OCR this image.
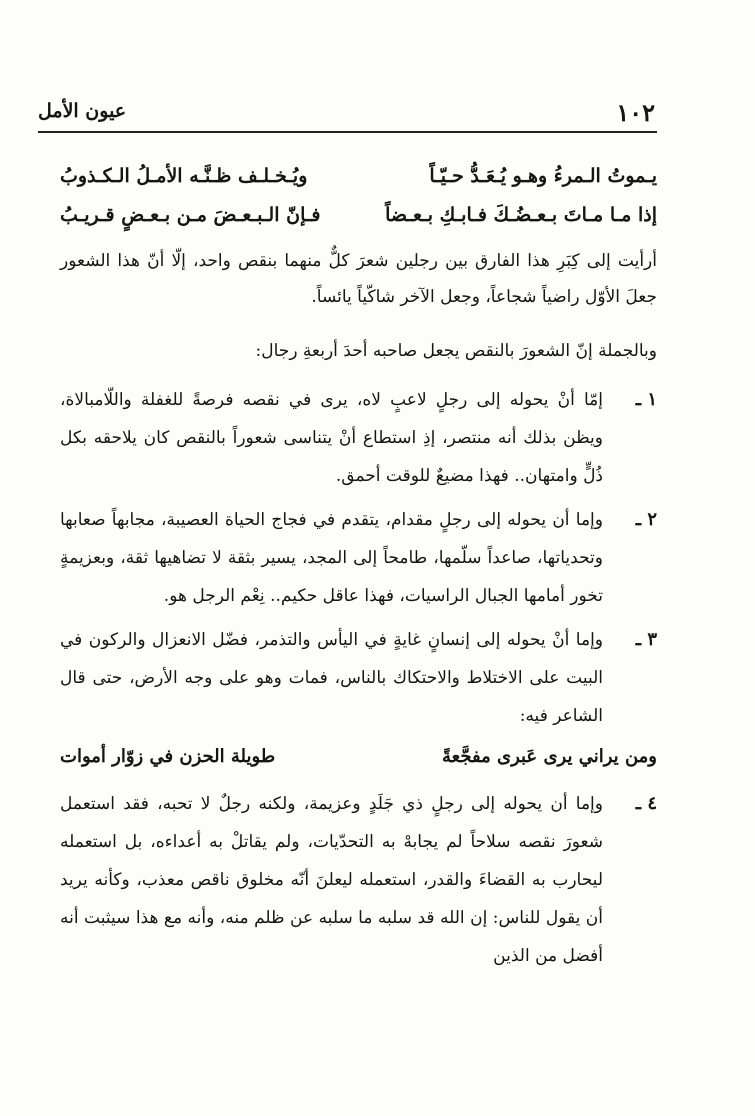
١٠٢
عيون الأمل
يـموتُ الـمرءُ وهـو يُـعَـدُّ حـيّـاً
ويُـخـلـف ظـنَّـه الأمـلُ الـكـذوبُ
إذا مـا مـاتَ بـعـضُـكَ فـابـكِ بـعـضاً
فـإنّ الـبـعـضَ مـن بـعـضٍ قـريـبُ

أرأيت إلى كِبَرِ هذا الفارق بين رجلين شعرَ كلٌّ منهما بنقص واحد، إلّا أنّ هذا الشعور جعلَ الأوّل راضياً شجاعاً، وجعل الآخر شاكّياً يائساً.

وبالجملة إنّ الشعورَ بالنقص يجعل صاحبه أحدَ أربعةِ رجال:

١ ـ
إمّا أنْ يحوله إلى رجلٍ لاعبٍ لاه، يرى في نقصه فرصةً للغفلة واللّامبالاة، ويظن بذلك أنه منتصر، إذِ استطاع أنْ يتناسى شعوراً بالنقص كان يلاحقه بكل ذُلٍّ وامتهان.. فهذا مضيعٌ للوقت أحمق.
٢ ـ
وإما أن يحوله إلى رجلٍ مقدام، يتقدم في فجاج الحياة العصيبة، مجابهاً صعابها وتحدياتها، صاعداً سلّمها، طامحاً إلى المجد، يسير بثقة لا تضاهيها ثقة، وبعزيمةٍ تخور أمامها الجبال الراسيات، فهذا عاقل حكيم.. نِعْم الرجل هو.
٣ ـ
وإما أنْ يحوله إلى إنسانٍ غايةٍ في اليأس والتذمر، فضّل الانعزال والركون في البيت على الاختلاط والاحتكاك بالناس، فمات وهو على وجه الأرض، حتى قال الشاعر فيه:
ومن يراني يرى عَبرى مفجَّعةً
طويلة الحزن في زوّار أموات
٤ ـ
وإما أن يحوله إلى رجلٍ ذي جَلَدٍ وعزيمة، ولكنه رجلٌ لا تحبه، فقد استعمل شعورَ نقصه سلاحاً لم يجابهْ به التحدّيات، ولم يقاتلْ به أعداءه، بل استعمله ليحارب به القضاءَ والقدر، استعمله ليعلنَ أنّه مخلوق ناقص معذب، وكأنه يريد أن يقول للناس: إن الله قد سلبه ما سلبه عن ظلم منه، وأنه مع هذا سيثبت أنه أفضل من الذين
